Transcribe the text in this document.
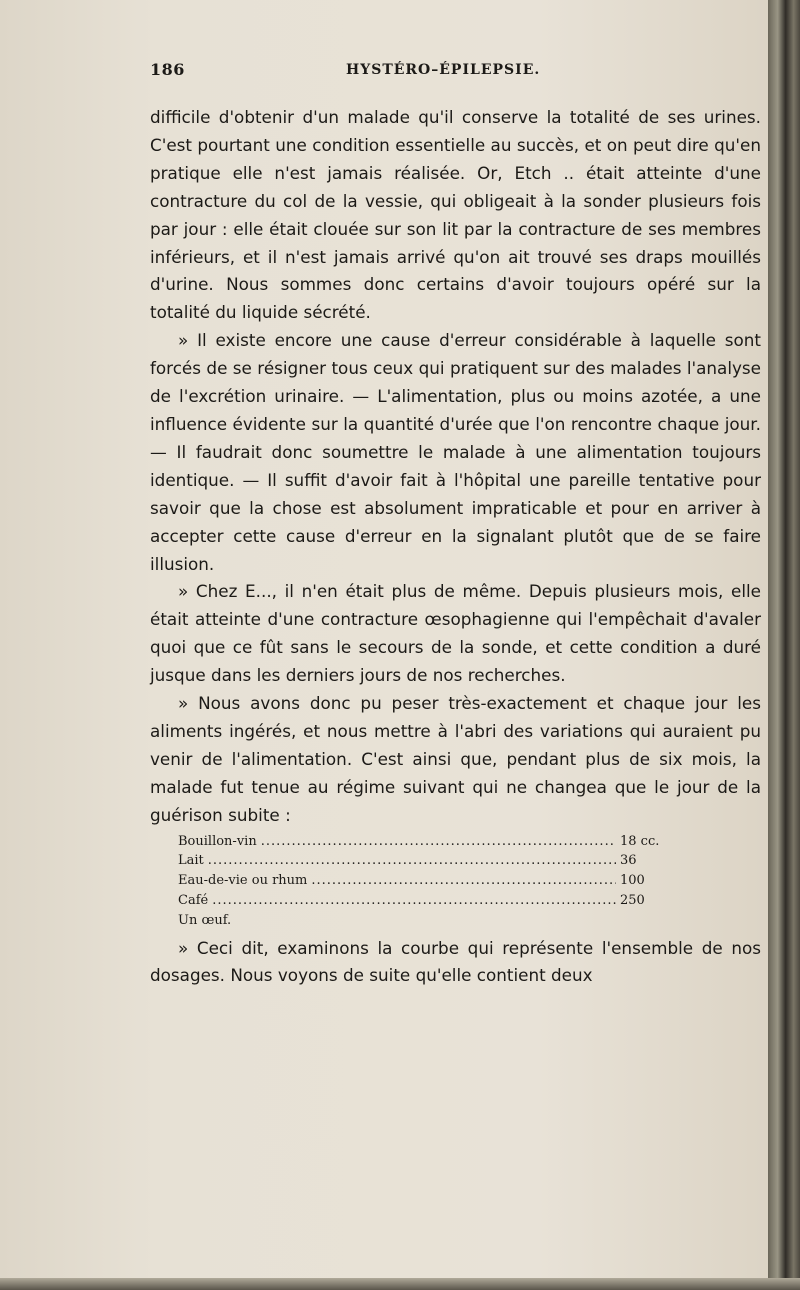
186	HYSTÉRO–ÉPILEPSIE.

difficile d'obtenir d'un malade qu'il conserve la totalité de ses urines. C'est pourtant une condition essentielle au succès, et on peut dire qu'en pratique elle n'est jamais réalisée. Or, Etch .. était atteinte d'une contracture du col de la vessie, qui obligeait à la sonder plusieurs fois par jour : elle était clouée sur son lit par la contracture de ses membres inférieurs, et il n'est jamais arrivé qu'on ait trouvé ses draps mouillés d'urine. Nous sommes donc certains d'avoir toujours opéré sur la totalité du liquide sécrété.

» Il existe encore une cause d'erreur considérable à laquelle sont forcés de se résigner tous ceux qui pratiquent sur des malades l'analyse de l'excrétion urinaire. — L'alimentation, plus ou moins azotée, a une influence évidente sur la quantité d'urée que l'on rencontre chaque jour. — Il faudrait donc soumettre le malade à une alimentation toujours identique. — Il suffit d'avoir fait à l'hôpital une pareille tentative pour savoir que la chose est absolument impraticable et pour en arriver à accepter cette cause d'erreur en la signalant plutôt que de se faire illusion.

» Chez E..., il n'en était plus de même. Depuis plusieurs mois, elle était atteinte d'une contracture œsophagienne qui l'empêchait d'avaler quoi que ce fût sans le secours de la sonde, et cette condition a duré jusque dans les derniers jours de nos recherches.

» Nous avons donc pu peser très-exactement et chaque jour les aliments ingérés, et nous mettre à l'abri des variations qui auraient pu venir de l'alimentation. C'est ainsi que, pendant plus de six mois, la malade fut tenue au régime suivant qui ne changea que le jour de la guérison subite :

Bouillon-vin .....	18 cc.
Lait .....	36
Eau-de-vie ou rhum .....	100
Café .....	250
Un œuf.

» Ceci dit, examinons la courbe qui représente l'ensemble de nos dosages. Nous voyons de suite qu'elle contient deux
